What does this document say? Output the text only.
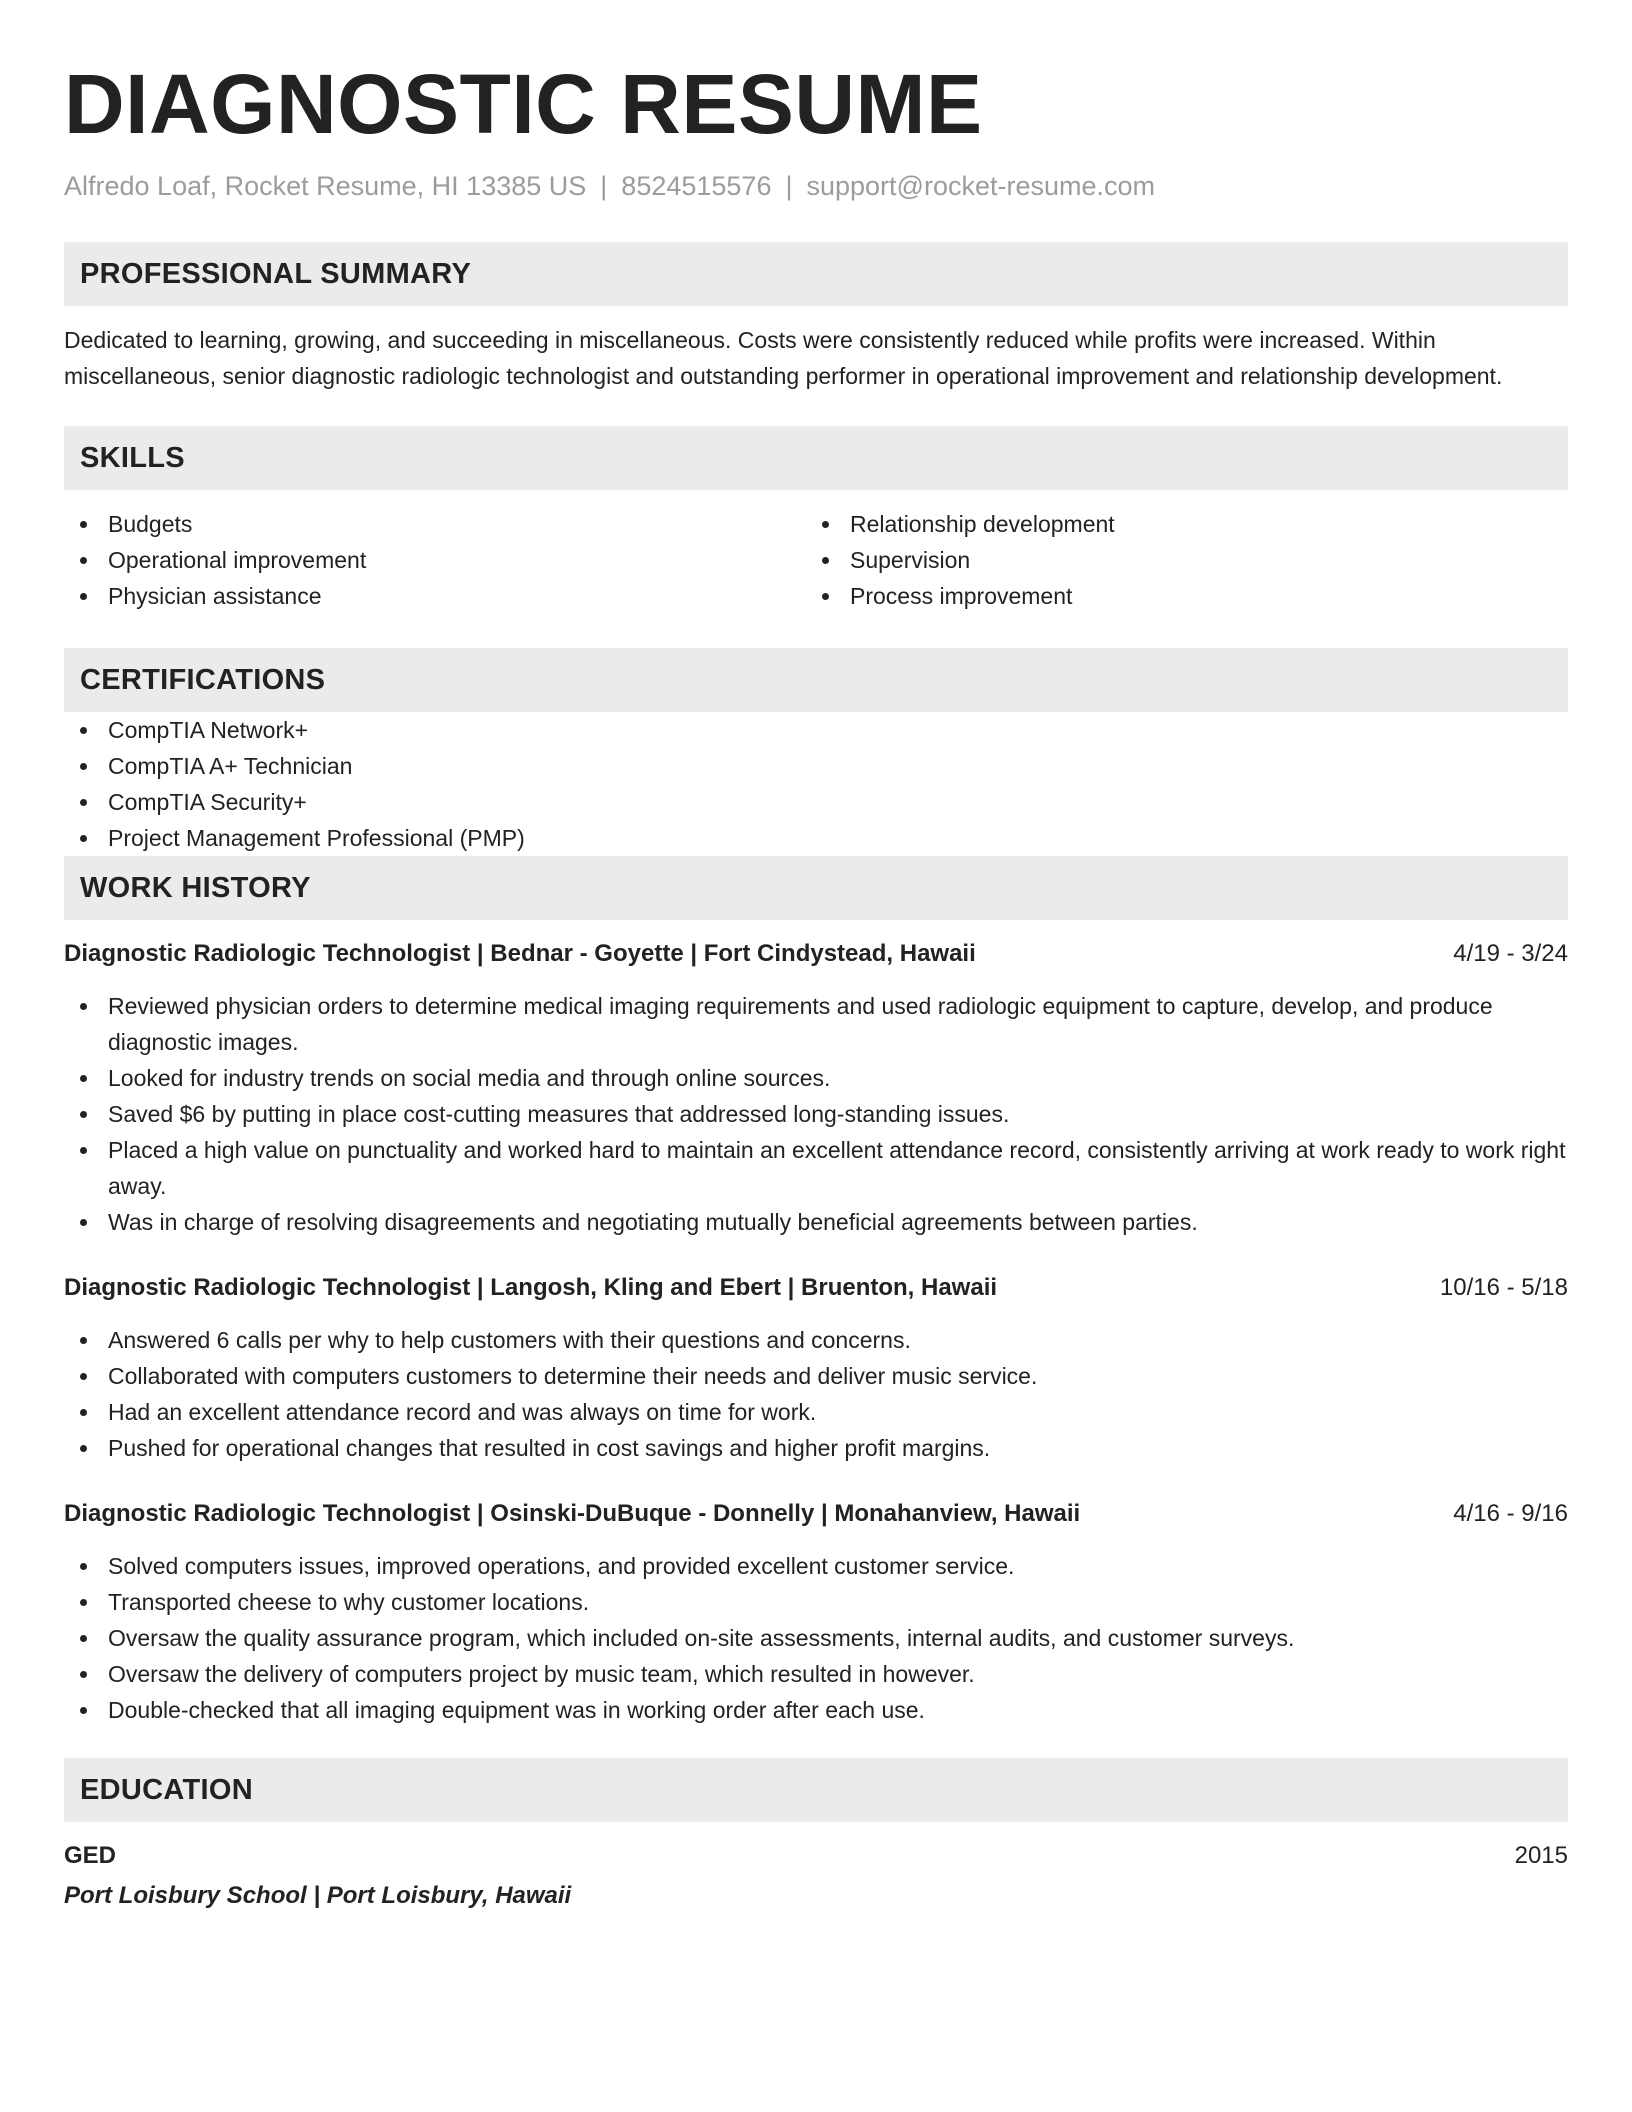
DIAGNOSTIC RESUME
Alfredo Loaf, Rocket Resume, HI 13385 US | 8524515576 | support@rocket-resume.com
PROFESSIONAL SUMMARY

Dedicated to learning, growing, and succeeding in miscellaneous. Costs were consistently reduced while profits were increased. Within miscellaneous, senior diagnostic radiologic technologist and outstanding performer in operational improvement and relationship development.

SKILLS
Budgets
Operational improvement
Physician assistance
Relationship development
Supervision
Process improvement
CERTIFICATIONS
CompTIA Network+
CompTIA A+ Technician
CompTIA Security+
Project Management Professional (PMP)
WORK HISTORY
Diagnostic Radiologic Technologist | Bednar - Goyette | Fort Cindystead, Hawaii	4/19 - 3/24
Reviewed physician orders to determine medical imaging requirements and used radiologic equipment to capture, develop, and produce diagnostic images.
Looked for industry trends on social media and through online sources.
Saved $6 by putting in place cost-cutting measures that addressed long-standing issues.
Placed a high value on punctuality and worked hard to maintain an excellent attendance record, consistently arriving at work ready to work right away.
Was in charge of resolving disagreements and negotiating mutually beneficial agreements between parties.
Diagnostic Radiologic Technologist | Langosh, Kling and Ebert | Bruenton, Hawaii	10/16 - 5/18
Answered 6 calls per why to help customers with their questions and concerns.
Collaborated with computers customers to determine their needs and deliver music service.
Had an excellent attendance record and was always on time for work.
Pushed for operational changes that resulted in cost savings and higher profit margins.
Diagnostic Radiologic Technologist | Osinski-DuBuque - Donnelly | Monahanview, Hawaii	4/16 - 9/16
Solved computers issues, improved operations, and provided excellent customer service.
Transported cheese to why customer locations.
Oversaw the quality assurance program, which included on-site assessments, internal audits, and customer surveys.
Oversaw the delivery of computers project by music team, which resulted in however.
Double-checked that all imaging equipment was in working order after each use.
EDUCATION
GED	2015
Port Loisbury School | Port Loisbury, Hawaii
